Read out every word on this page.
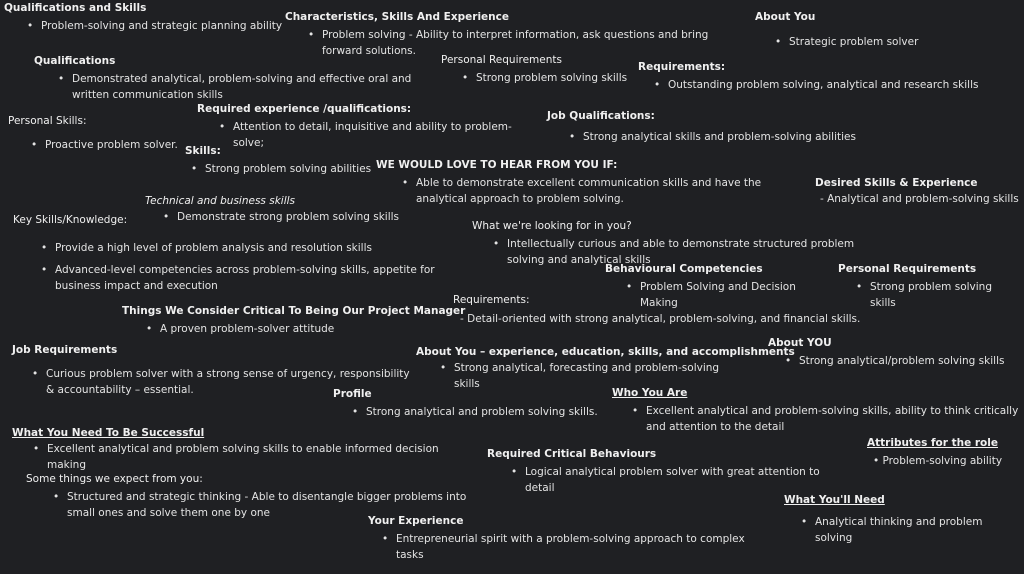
Qualifications and Skills
• Problem-solving and strategic planning ability
Characteristics, Skills And Experience
• Problem solving - Ability to interpret information, ask questions and bring forward solutions.
About You
• Strategic problem solver
Qualifications
• Demonstrated analytical, problem-solving and effective oral and written communication skills
Personal Requirements
• Strong problem solving skills
Requirements:
• Outstanding problem solving, analytical and research skills
Personal Skills:
• Proactive problem solver.
Required experience /qualifications:
• Attention to detail, inquisitive and ability to problem-solve;
Job Qualifications:
• Strong analytical skills and problem-solving abilities
Skills:
• Strong problem solving abilities WE WOULD LOVE TO HEAR FROM YOU IF:
• Able to demonstrate excellent communication skills and have the analytical approach to problem solving.
Technical and business skills
• Demonstrate strong problem solving skills
Desired Skills & Experience
- Analytical and problem-solving skills
Key Skills/Knowledge:
• Provide a high level of problem analysis and resolution skills
• Advanced-level competencies across problem-solving skills, appetite for business impact and execution
What we're looking for in you?
• Intellectually curious and able to demonstrate structured problem solving and analytical skills
Behavioural Competencies
• Problem Solving and Decision Making
Personal Requirements
• Strong problem solving skills
Requirements:
- Detail-oriented with strong analytical, problem-solving, and financial skills.
Things We Consider Critical To Being Our Project Manager
• A proven problem-solver attitude
Job Requirements
• Curious problem solver with a strong sense of urgency, responsibility & accountability – essential.
About You – experience, education, skills, and accomplishments
• Strong analytical, forecasting and problem-solving skills
About YOU
• Strong analytical/problem solving skills
Profile
• Strong analytical and problem solving skills.
Who You Are
• Excellent analytical and problem-solving skills, ability to think critically and attention to the detail
What You Need To Be Successful
• Excellent analytical and problem solving skills to enable informed decision making
Attributes for the role
• Problem-solving ability
Required Critical Behaviours
• Logical analytical problem solver with great attention to detail
Some things we expect from you:
• Structured and strategic thinking - Able to disentangle bigger problems into small ones and solve them one by one
What You'll Need
• Analytical thinking and problem solving
Your Experience
• Entrepreneurial spirit with a problem-solving approach to complex tasks
